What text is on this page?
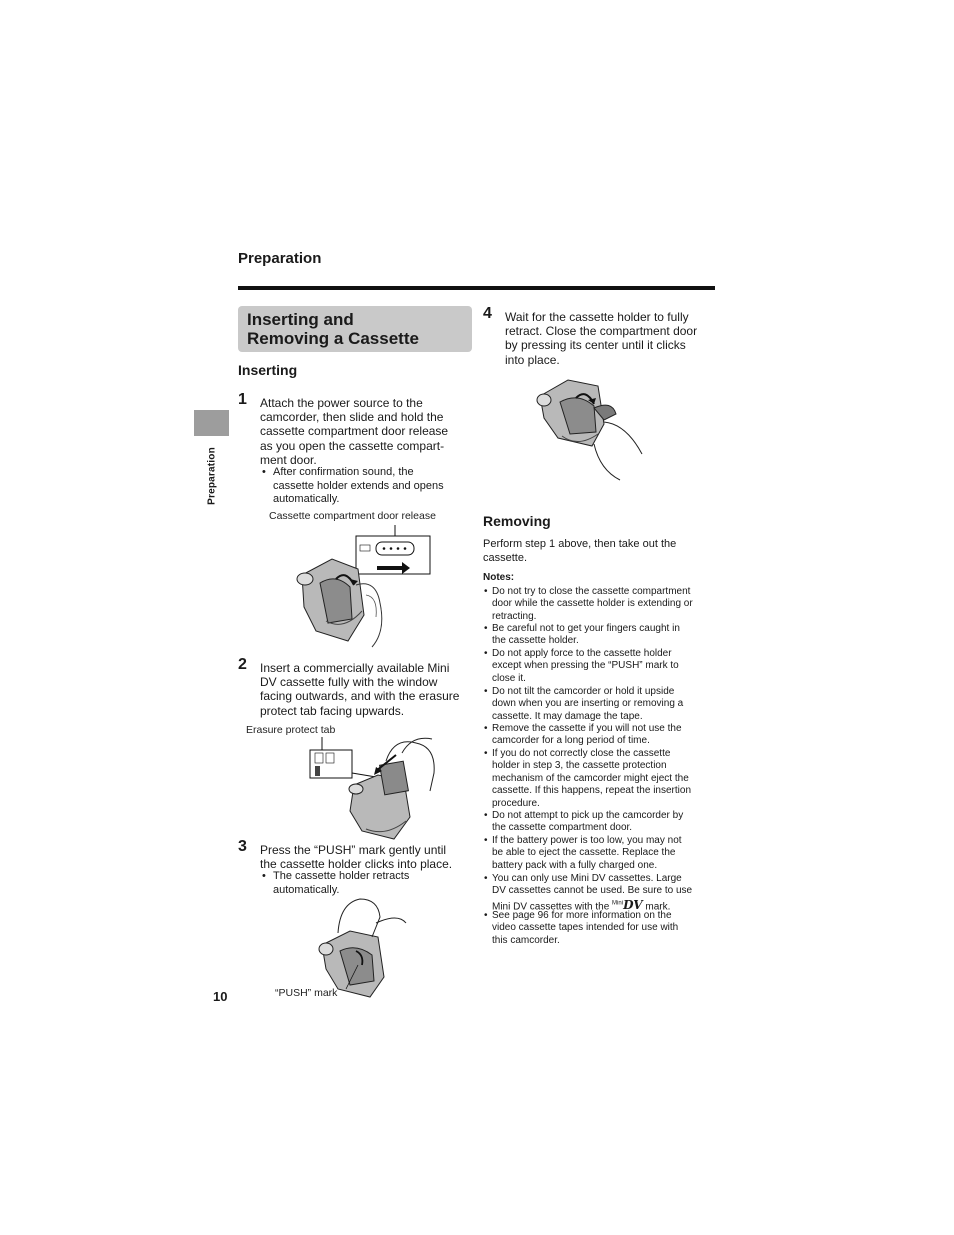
Preparation
Preparation
Inserting and
Removing a Cassette
Inserting
1 Attach the power source to the
camcorder, then slide and hold the
cassette compartment door release
as you open the cassette compart-
ment door.
• After confirmation sound, the
cassette holder extends and opens
automatically.
Cassette compartment door release
2 Insert a commercially available Mini
DV cassette fully with the window
facing outwards, and with the erasure
protect tab facing upwards.
Erasure protect tab
3 Press the “PUSH” mark gently until
the cassette holder clicks into place.
• The cassette holder retracts
automatically.
“PUSH” mark
4 Wait for the cassette holder to fully
retract. Close the compartment door
by pressing its center until it clicks
into place.
Removing
Perform step 1 above, then take out the
cassette.
Notes:
• Do not try to close the cassette compartment
door while the cassette holder is extending or
retracting.
• Be careful not to get your fingers caught in
the cassette holder.
• Do not apply force to the cassette holder
except when pressing the “PUSH” mark to
close it.
• Do not tilt the camcorder or hold it upside
down when you are inserting or removing a
cassette. It may damage the tape.
• Remove the cassette if you will not use the
camcorder for a long period of time.
• If you do not correctly close the cassette
holder in step 3, the cassette protection
mechanism of the camcorder might eject the
cassette. If this happens, repeat the insertion
procedure.
• Do not attempt to pick up the camcorder by
the cassette compartment door.
• If the battery power is too low, you may not
be able to eject the cassette. Replace the
battery pack with a fully charged one.
• You can only use Mini DV cassettes. Large
DV cassettes cannot be used. Be sure to use
Mini DV cassettes with the $^{Mini}$DV mark.
• See page 96 for more information on the
video cassette tapes intended for use with
this camcorder.
10
